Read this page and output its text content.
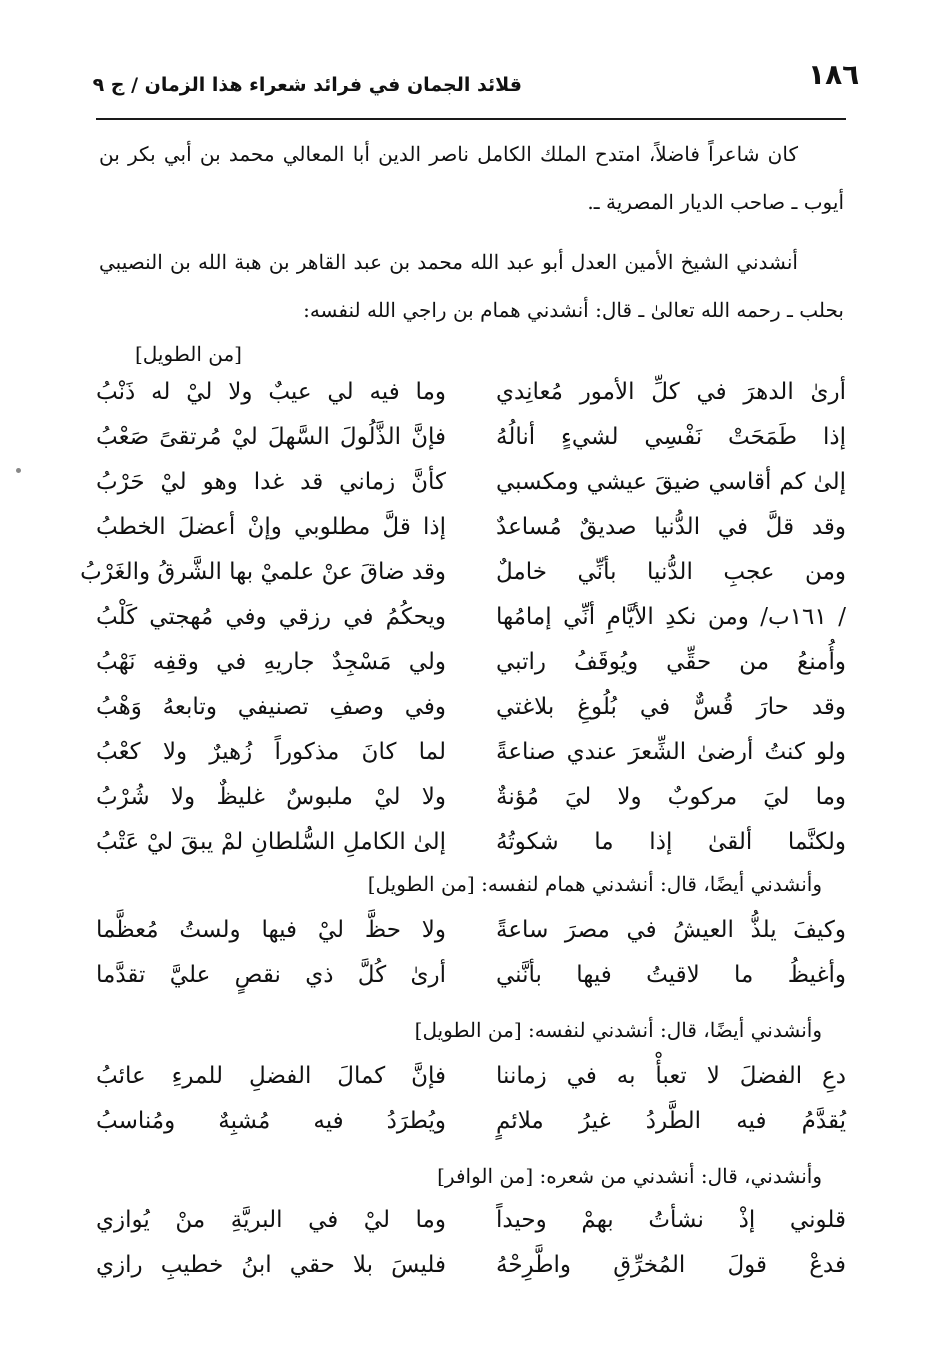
١٨٦
قلائد الجمان في فرائد شعراء هذا الزمان / ج ٩

كان شاعراً فاضلاً، امتدح الملك الكامل ناصر الدين أبا المعالي محمد بن أبي بكر بن أيوب ـ صاحب الديار المصرية ـ.

أنشدني الشيخ الأمين العدل أبو عبد الله محمد بن عبد القاهر بن هبة الله بن النصيبي بحلب ـ رحمه الله تعالىٰ ـ قال: أنشدني همام بن راجي الله لنفسه:

[من الطويل]
أرىٰ الدهرَ في كلِّ الأمور مُعانِدي
وما فيه لي عيبٌ ولا ليْ له ذَنْبُ
إذا طَمَحَتْ نَفْسِي لشيءٍ أنالُهُ
فإنَّ الذَّلُولَ السَّهلَ ليْ مُرتقىً صَعْبُ
إلىٰ كم أقاسي ضيقَ عيشي ومكسبي
كأنَّ زماني قد غدا وهو ليْ حَرْبُ
وقد قلَّ في الدُّنيا صديقٌ مُساعدٌ
إذا قلَّ مطلوبي وإنْ أعضلَ الخطبُ
ومن عجبِ الدُّنيا بأنِّي خاملٌ
وقد ضاقَ عنْ علميْ بها الشَّرقُ والغَرْبُ
/ ١٦١ب/ ومن نكدِ الأيَّامِ أنِّي إمامُها
ويحكُمُ في رزقي وفي مُهجتي كَلْبُ
وأُمنعُ من حقِّي ويُوقَفُ راتبي
ولي مَسْجِدٌ جاريهِ في وقفِه نَهْبُ
وقد حارَ قُسٌّ في بُلُوغِ بلاغتي
وفي وصفِ تصنيفي وتابعهُ وَهْبُ
ولو كنتُ أرضىٰ الشِّعرَ عندي صناعةً
لما كانَ مذكوراً زُهيرٌ ولا كعْبُ
وما ليَ مركوبٌ ولا ليَ مُؤنةٌ
ولا ليْ ملبوسٌ غليظٌ ولا شُرْبُ
ولكنَّما ألقىٰ إذا ما شكوتُهُ
إلىٰ الكاملِ السُّلطانِ لمْ يبقَ ليْ عَتْبُ
وأنشدني أيضًا، قال: أنشدني همام لنفسه: [من الطويل]
وكيفَ يلذُّ العيشُ في مصرَ ساعةً
ولا حظَّ ليْ فيها ولستُ مُعظَّما
وأغيظُ ما لاقيتُ فيها بأنَّني
أرىٰ كُلَّ ذي نقصٍ عليَّ تقدَّما
وأنشدني أيضًا، قال: أنشدني لنفسه: [من الطويل]
دعِ الفضلَ لا تعبأْ به في زماننا
فإنَّ كمالَ الفضلِ للمرءِ عائبُ
يُقدَّمُ فيه الطَّردُ غيرُ ملائمٍ
ويُطرَدُ فيه مُشبِهٌ ومُناسبُ
وأنشدني، قال: أنشدني من شعره: [من الوافر]
قلوني إذْ نشأتُ بهمْ وحيداً
وما ليْ في البريَّةِ منْ يُوازي
فدعْ قولَ المُخرِّقِ واطَّرِحْهُ
فليسَ بلا حقي ابنُ خطيبِ رازي
